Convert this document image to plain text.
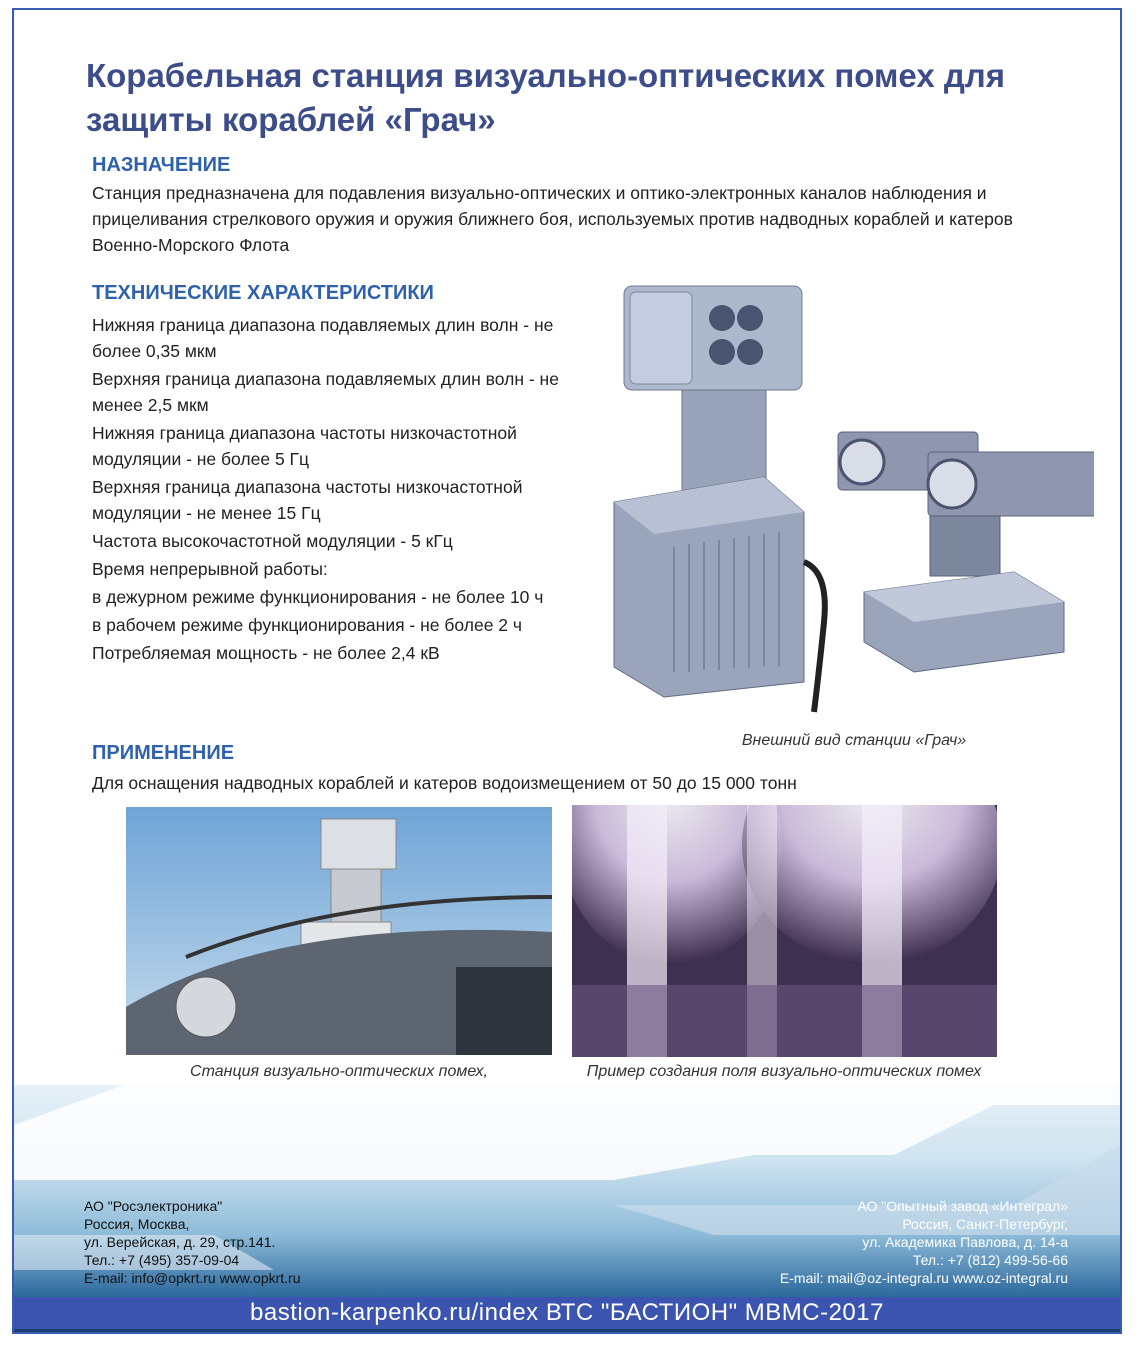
Корабельная станция визуально-оптических помех для защиты кораблей «Грач»
НАЗНАЧЕНИЕ
Станция предназначена для подавления визуально-оптических и оптико-электронных каналов наблюдения и прицеливания стрелкового оружия и оружия ближнего боя, используемых против надводных кораблей и катеров Военно-Морского Флота
ТЕХНИЧЕСКИЕ ХАРАКТЕРИСТИКИ
Нижняя граница диапазона подавляемых длин волн - не более 0,35 мкм
Верхняя граница диапазона подавляемых длин волн - не менее 2,5 мкм
Нижняя граница диапазона частоты низкочастотной модуляции - не более 5 Гц
Верхняя граница диапазона частоты низкочастотной модуляции - не менее 15 Гц
Частота высокочастотной модуляции - 5 кГц
Время непрерывной работы:
в дежурном режиме функционирования - не более 10 ч
в рабочем режиме функционирования - не более 2 ч
Потребляемая мощность - не более 2,4 кВ
Внешний вид станции «Грач»
ПРИМЕНЕНИЕ
Для оснащения надводных кораблей и катеров водоизмещением от 50 до 15 000 тонн
Станция визуально-оптических помех,	Пример создания поля визуально-оптических помех
АО "Росэлектроника"
Россия, Москва,
ул. Верейская, д. 29, стр.141.
Тел.: +7 (495) 357-09-04
E-mail: info@opkrt.ru www.opkrt.ru
АО "Опытный завод «Интеграл»
Россия, Санкт-Петербург,
ул. Академика Павлова, д. 14-а
Тел.: +7 (812) 499-56-66
E-mail: mail@oz-integral.ru www.oz-integral.ru
bastion-karpenko.ru/index ВТС "БАСТИОН" МВМС-2017
